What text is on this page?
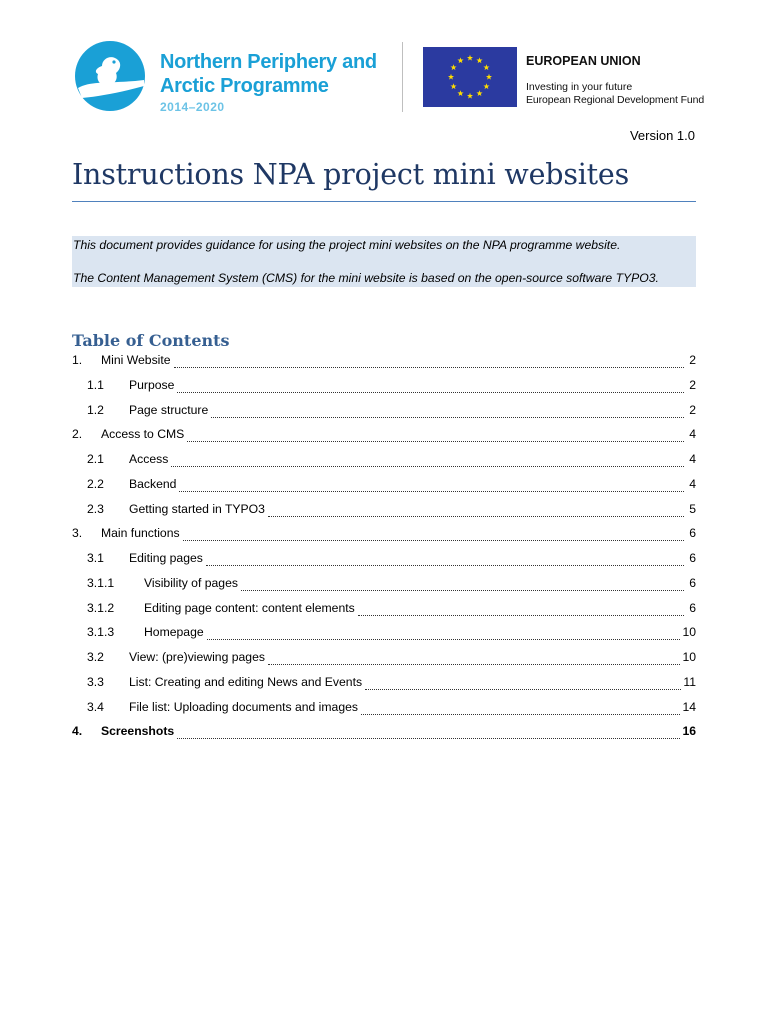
Northern Periphery and
Arctic Programme
2014–2020
EUROPEAN UNION
Investing in your future
European Regional Development Fund
Version 1.0
Instructions NPA project mini websites

This document provides guidance for using the project mini websites on the NPA programme website.

The Content Management System (CMS) for the mini website is based on the open-source software TYPO3.

Table of Contents
1.	Mini Website	2
1.1	Purpose	2
1.2	Page structure	2
2.	Access to CMS	4
2.1	Access	4
2.2	Backend	4
2.3	Getting started in TYPO3	5
3.	Main functions	6
3.1	Editing pages	6
3.1.1	Visibility of pages	6
3.1.2	Editing page content: content elements	6
3.1.3	Homepage	10
3.2	View: (pre)viewing pages	10
3.3	List: Creating and editing News and Events	11
3.4	File list: Uploading documents and images	14
4.	Screenshots	16
